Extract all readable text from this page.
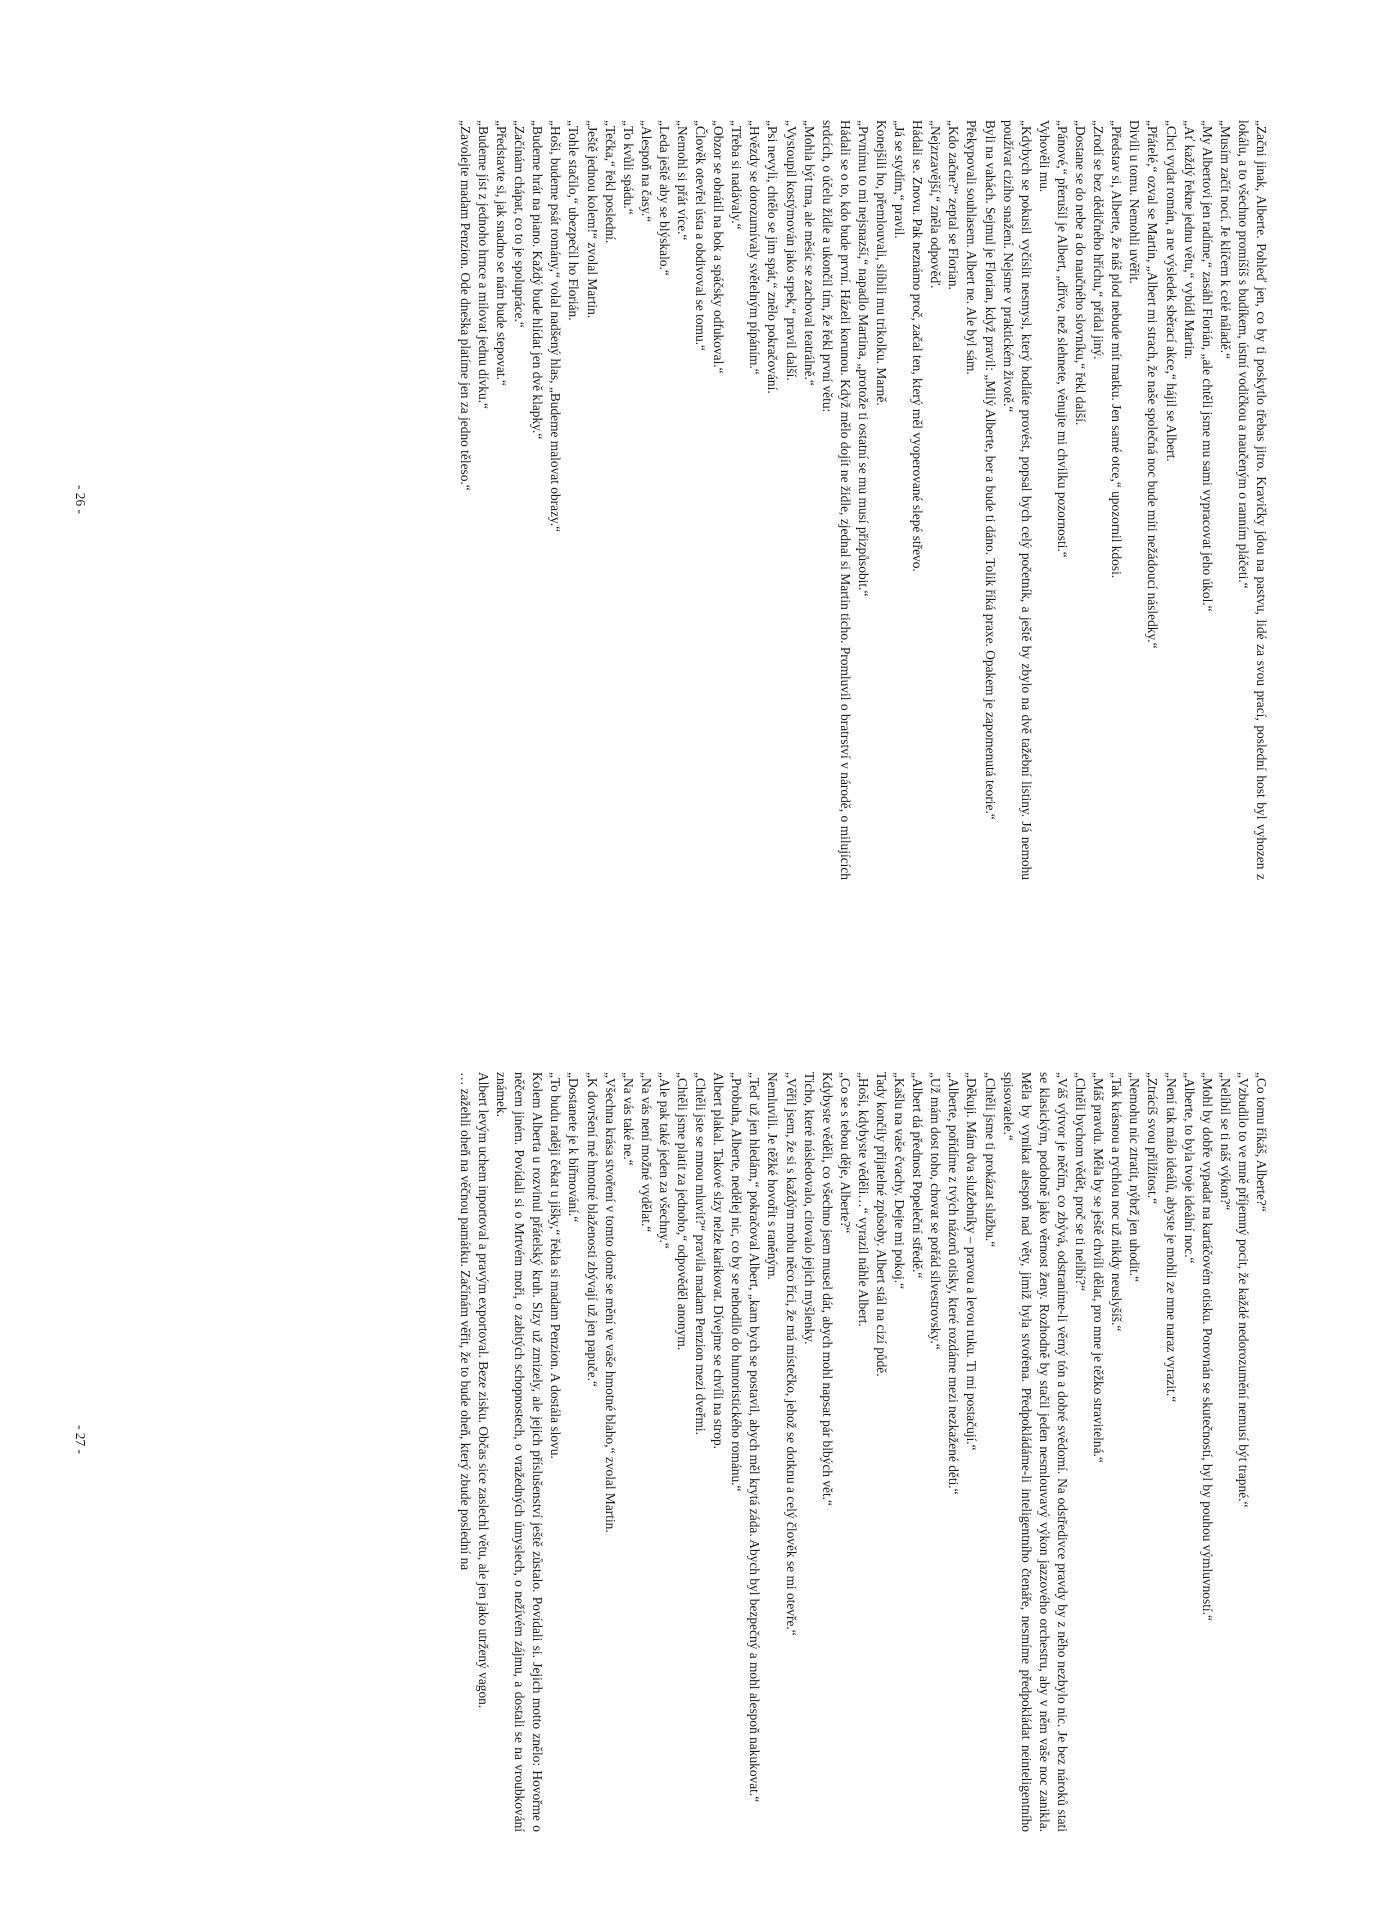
„Začni jinak, Alberte. Pohleď jen, co by ti poskytlo třebas jitro. Kravičky jdou na pastvu, lidé za svou prací, poslední host byl vyhozen z lokálu, a to všechno promíšíš s budíkem, ústní vodičkou a naučeným o ranním pláčeti.“

„Musím začít nocí. Je klíčem k celé náladě.“

„My Albertovi jen radíme,“ zasáhl Florián, „ale chtěli jsme mu sami vypracovat jeho úkol.“

„Ať každý řekne jednu větu,“ vybídl Martin.

„Chci vydat román, a ne výsledek sběrací akce,“ hájil se Albert.

„Přátelé,“ ozval se Martin, „Albert mi strach, že naše společná noc bude míti nežádoucí následky.“

Divili u tomu. Nemohli uvěřit.

„Představ si, Alberte, že náš plod nebude mít matku. Jen samé otce,“ upozornil kdosi.

„Zrodí se bez dědičného hříchu,“ přidal jiný.

„Dostane se do nebe a do naučného slovníku,“ řekl další.

„Pánové,“ přerušil je Albert, „dříve, než slehnete, věnujte mi chvilku pozornosti.“

Vyhověli mu.

„Kdybych se pokusil vyčíslit nesmysl, který hodláte provést, popsal bych celý početník, a ještě by zbylo na dvě tažební listiny. Já nemohu používat cizího snažení. Nejsme v praktickém životě.“

Byli na vahách. Sejmul je Florian, když pravil: „Milý Alberte, ber a bude ti dáno. Tolik říká praxe. Opakem je zapomenutá teorie.“

Překypovali souhlasem. Albert ne. Ale byl sám.

„Kdo začne?“ zeptal se Florian.

„Nejzrzavější,“ zněla odpověď.

Hádali se. Znovu. Pak neznámo proč, začal ten, který měl vyoperované slepé střevo.

„Já se stydím,“ pravil.

Konejšili ho, přemlouvali, slíbili mu trikolku. Marně.

„Prvnímu to mi nejsnazší,“ napadlo Martina, „protože ti ostatní se mu musí přizpůsobit.“

Hádali se o to, kdo bude první. Házeli korunou. Když mělo dojít ne židle, zjednal si Martin ticho. Promluvil o bratrství v národě, o milujících srdcích, o účelu židle a ukončil tím, že řekl první větu:

„Mohla být tma, ale měsíc se zachoval teatrálně.“

„Vystoupil kostýmován jako srpek,“ pravil další.

„Psi nevyli, chtělo se jim spát,“ znělo pokračování.

„Hvězdy se dorozumívaly světelným pípáním.“

„Třeba si nadávaly.“

„Obzor se obrátil na bok a spáčsky odfukoval.“

„Člověk otevřel ústa a obdivoval se tomu.“

„Nemohl si přát více.“

„Leda ještě aby se blýskalo.“

„Alespoň na časy.“

„To kvůli spádu.“

„Tečka,“ řekl poslední.

„Ještě jednou kolem!“ zvolal Martin.

„Tohle stačilo,“ ubezpečil ho Florián.

„Hoši, budeme psát romány,“ volal nadšený hlas, „Budeme malovat obrazy.“

„Budeme hrát na piano. Každý bude hlídat jen dvě klapky.“

„Začínám chápat, co to je spolupráce.“

„Představte si, jak snadno se nám bude stepovat.“

„Budeme jíst z jednoho hrnce a milovat jednu dívku.“

„Zavolejte madam Penzion. Ode dneška platíme jen za jedno těleso.“

- 26 -

„Co tomu říkáš, Alberte?“

„Vzbudilo to ve mně příjemný pocit, že každé nedorozumění nemusí být trapné.“

„Nelíbil se ti náš výkon?“

„Mohl by dobře vypadat na kartáčovém otisku. Porovnán se skutečností, byl by pouhou výmluvností.“

„Alberte, to byla tvoje ideální noc.“

„Není tak málo ideálů, abyste je mohli ze mne naraz vyrazit.“

„Ztrácíš svou přilžitost.“

„Nemohu nic ztratit, nýbrž jen uhodit.“

„Tak krásnou a rychlou noc už nikdy neuslyšíš.“

„Máš pravdu. Měla by se ještě chvíli dělat, pro mne je těžko stravitelná.“

„Chtěli bychom vědět, proč se ti nelíbí?“

„Váš výtvor je něčím, co zbývá, odstraníme-li věrný tón a dobré svědomí. Na odstředivce pravdy by z něho nezbylo nic. Je bez nároků stati se klasickým, podobně jako věrnost ženy. Rozhodně by stačil jeden nesmlouvavý výkon jazzového orchestru, aby v něm vaše noc zanikla. Měla by vynikat alespoň nad věty, jimiž byla stvořena. Předpokládáme-li inteligentního čtenáře, nesmíme předpokládat neinteligentního spisovatele.“

„Chtěli jsme ti prokázat službu.“

„Děkuji. Mám dva služebníky – pravou a levou ruku. Ti mi postačují.“

„Alberte, pořídíme z tvých názorů otisky, které rozdáme mezi nezkažené děti.“

„Už mám dost toho, chovat se pořád silvestrovsky.“

„Albert dá přednost Popeleční středě.“

„Kašlu na vaše čvachy. Dejte mi pokoj.“

Tady končily přijatelné způsoby. Albert stál na cizí půdě.

„Hoši, kdybyste věděli…“ vyrazil náhle Albert.

„Co se s tebou děje, Alberte?“

Kdybyste věděli, co všechno jsem musel dát, abych mohl napsat pár blbých vět.“

Ticho, které následovalo, citovalo jejich myšlenky.

„Věřil jsem, že si s každým mohu něco říci, že má místečko, jehož se dotknu a celý člověk se mi otevře.“

Nemluvili. Je těžké hovořit s raněným.

„Teď už jen hledám,“ pokračoval Albert, „kam bych se postavil, abych měl krytá záda. Abych byl bezpečný a mohl alespoň nakukovat.“

„Probuha, Alberte, nedělej nic, co by se nehodilo do humoristického románu.“

Albert plakal. Takové slzy nelze karikovat. Dívejme se chvíli na strop.

„Chtěli jste se mnou mluvit?“ pravila madam Penzion mezi dveřmi.

„Chtěli jsme platit za jednoho,“ odpověděl anonym.

„Ale pak také jeden za všechny.“

„Na vás není možné vydělat.“

„Na vás také ne.“

„Všechna krása stvoření v tomto domě se mění ve vaše hmotné blaho,“ zvolal Martin.

„K dovršení mé hmotné blaženosti zbývají už jen papuče.“

„Dostanete je k biřmování.“

„To budu raději čekat u jišky,“ řekla si madam Penzion. A dostála slovu.

Kolem Alberta u rozvinul přátelský kruh. Slzy už zmizely, ale jejich příslušenství ještě zůstalo. Povídali si. Jejich motto znělo: Hovořme o něčem jiném. Povídali si o Mrtvém moři, o zabitých schopnostech, o vražedných úmyslech, o nežívém zájmu, a dostali se na vroubkování známek.

Albert levým uchem inportoval a pravým exportoval. Beze zisku. Občas sice zaslechl větu, ale jen jako utržený vagon.

… zažehli oheň na věčnou památku. Začínám věřit, že to bude oheň, který zbude poslední na

- 27 -
